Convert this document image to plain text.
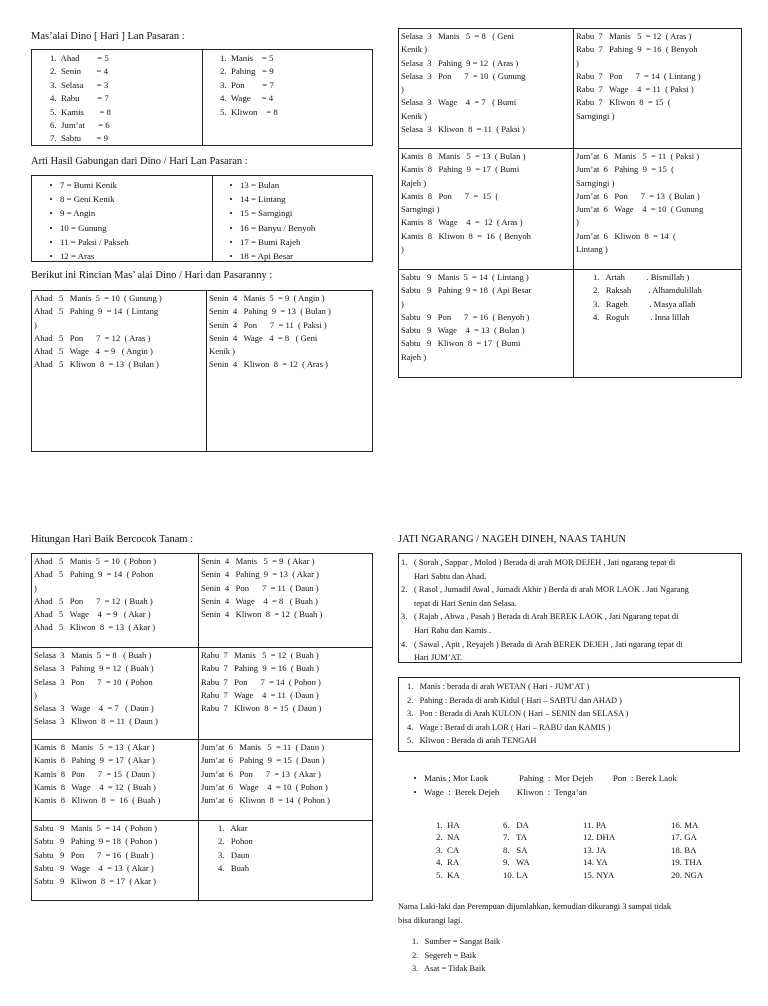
Mas’alai Dino [ Hari ] Lan Pasaran :
1.  Ahad        = 5
2.  Senin       = 4
3.  Selasa      = 3
4.  Rabu        = 7
5.  Kamis       = 8
6.  Jum’at      = 6
7.  Sabtu       = 9
1.  Manis    = 5
2.  Pahing   = 9
3.  Pon        = 7
4.  Wage     = 4
5.  Kliwon    = 8
Arti Hasil Gabungan dari Dino / Hari Lan Pasaran :
• 7 = Bumi Kenik
• 8 = Geni Kenik
• 9 = Angin
• 10 = Gunung
• 11 = Paksi / Pakseh
• 12 = Aras
• 13 = Bulan
• 14 = Lintang
• 15 = Sarngingi
• 16 = Banyu / Benyoh
• 17 = Bumi Rajeh
• 18 = Api Besar
Berikut ini Rincian Mas’ alai Dino / Hari dan Pasaranny :
Ahad   5   Manis  5  = 10  ( Gunung )
Ahad   5   Pahing  9  = 14  ( Lintang
)
Ahad   5   Pon      7  = 12  ( Aras )
Ahad   5   Wage   4  = 9   ( Angin )
Ahad   5   Kliwon  8  = 13  ( Bulan )
Senin  4   Manis  5  = 9  ( Angin )
Senin  4   Pahing  9  = 13  ( Bulan )
Senin  4   Pon      7  = 11  ( Paksi )
Senin  4   Wage   4  = 8   ( Geni
Kenik )
Senin  4   Kliwon  8  = 12  ( Aras )
Selasa  3   Manis   5  = 8   ( Geni
Kenik )
Selasa  3   Pahing  9 = 12  ( Aras )
Selasa  3   Pon      7  = 10  ( Gunung
)
Selasa  3   Wage    4  = 7   ( Bumi
Kenik )
Selasa  3   Kliwon  8  = 11  ( Paksi )
Rabu  7   Manis   5  = 12  ( Aras )
Rabu  7   Pahing  9  = 16  ( Benyoh
)
Rabu  7   Pon      7  = 14  ( Lintang )
Rabu  7   Wage    4  = 11  ( Paksi )
Rabu  7   Kliwon  8  = 15  (
Sarngingi )
Kamis  8   Manis   5  = 13  ( Bulan )
Kamis  8   Pahing  9  = 17  ( Bumi
Rajeh )
Kamis  8   Pon      7  =  15  (
Sarngingi )
Kamis  8   Wage    4  =  12  ( Aras )
Kamis  8   Kliwon  8  =  16  ( Benyoh
)
Jum’at  6   Manis   5  = 11  ( Paksi )
Jum’at  6   Pahing  9  = 15  (
Sarngingi )
Jum’at  6   Pon      7  = 13  ( Bulan )
Jum’at  6   Wage    4  = 10  ( Gunung
)
Jum’at  6   Kliwon  8  = 14  (
Lintang )
Sabtu   9   Manis  5  = 14  ( Lintang )
Sabtu   9   Pahing  9 = 18  ( Api Besar
)
Sabtu   9   Pon      7  = 16  ( Benyoh )
Sabtu   9   Wage    4  = 13  ( Bulan )
Sabtu   9   Kliwon  8  = 17  ( Bumi
Rajeh )
1.   Artah          . Bismillah )
2.   Raksah        . Alhamdulillah
3.   Rageh          . Masya allah
4.   Roguh          . Inna lillah
Hitungan Hari Baik Bercocok Tanam :
Ahad   5   Manis  5  = 10  ( Pohon )
Ahad   5   Pahing  9  = 14  ( Pohon
)
Ahad   5   Pon      7  = 12  ( Buah )
Ahad   5   Wage    4  = 9   ( Akar )
Ahad   5   Kliwon  8  = 13  ( Akar )
Senin  4   Manis   5  = 9  ( Akar )
Senin  4   Pahing  9  = 13  ( Akar )
Senin  4   Pon      7  = 11  ( Daun )
Senin  4   Wage    4  = 8   ( Buah )
Senin  4   Kliwon  8  = 12  ( Buah )
Selasa  3   Manis  5  = 8   ( Buah )
Selasa  3   Pahing  9 = 12  ( Buah )
Selasa  3   Pon      7  = 10  ( Pohon
)
Selasa  3   Wage    4  = 7   ( Daun )
Selasa  3   Kliwon  8  = 11  ( Daun )
Rabu  7   Manis   5  = 12  ( Buah )
Rabu  7   Pahing  9  = 16  ( Buah )
Rabu  7   Pon      7  = 14  ( Pohon )
Rabu  7   Wage    4  = 11  ( Daun )
Rabu  7   Kliwon  8  = 15  ( Daun )
Kamis  8   Manis   5  = 13  ( Akar )
Kamis  8   Pahing  9  = 17  ( Akar )
Kamis  8   Pon      7  = 15  ( Daun )
Kamis  8   Wage    4  = 12  ( Buah )
Kamis  8   Kliwon  8  =  16  ( Buah )
Jum’at  6   Manis   5  = 11  ( Daun )
Jum’at  6   Pahing  9  = 15  ( Daun )
Jum’at  6   Pon      7  = 13  ( Akar )
Jum’at  6   Wage    4  = 10  ( Pohon )
Jum’at  6   Kliwon  8  = 14  ( Pohon )
Sabtu   9   Manis  5  = 14  ( Pohon )
Sabtu   9   Pahing  9 = 18  ( Pohon )
Sabtu   9   Pon      7  = 16  ( Buah )
Sabtu   9   Wage    4  = 13  ( Akar )
Sabtu   9   Kliwon  8  = 17  ( Akar )
1.   Akar
2.   Pohon
3.   Daun
4.   Buah
JATI NGARANG / NAGEH DINEH, NAAS TAHUN
1. ( Sorah , Sappar , Molod ) Berada di arah MOR DEJEH , Jati ngarang tepat di
Hari Sabtu dan Ahad.
2. ( Rasol , Jumadil Awal , Jumadi Akhir ) Berda di arah MOR LAOK . Jati Ngarang
tepat di Hari Senin dan Selasa.
3. ( Rajab , Abwa , Pasah ) Berada di Arah BEREK LAOK , Jati Ngarang tepat di
Hari Rabu dan Kamis .
4. ( Sawal , Apit , Reyajeh ) Berada di Arah BEREK DEJEH , Jati ngarang tepat di
Hari JUM’AT.
1.   Manis : berada di arah WETAN ( Hari - JUM’AT )
2.   Pahing : Berada di arah Kidul ( Hari – SABTU dan AHAD )
3.   Pon : Berada di Arah KULON ( Hari – SENIN dan SELASA )
4.   Wage : Berad di arah LOR ( Hari – RABU dan KAMIS )
5.   Kliwon : Berada di arah TENGAH
• Manis : Mor Laok              Pahing  :  Mor Dejeh         Pon  : Berek Laok
• Wage  :  Berek Dejeh        Kliwon  :  Tenga’an
1.  HA
2.  NA
3.  CA
4.  RA
5.  KA
6.   DA
7.   TA
8.   SA
9.   WA
10. LA
11. PA
12. DHA
13. JA
14. YA
15. NYA
16. MA
17. GA
18. BA
19. THA
20. NGA
Nama Laki-laki dan Perempuan dijumlahkan, kemudian dikurangi 3 sampai tidak
bisa dikurangi lagi.
1.   Sumber = Sangat Baik
2.   Segereh = Baik
3.   Asat = Tidak Baik
